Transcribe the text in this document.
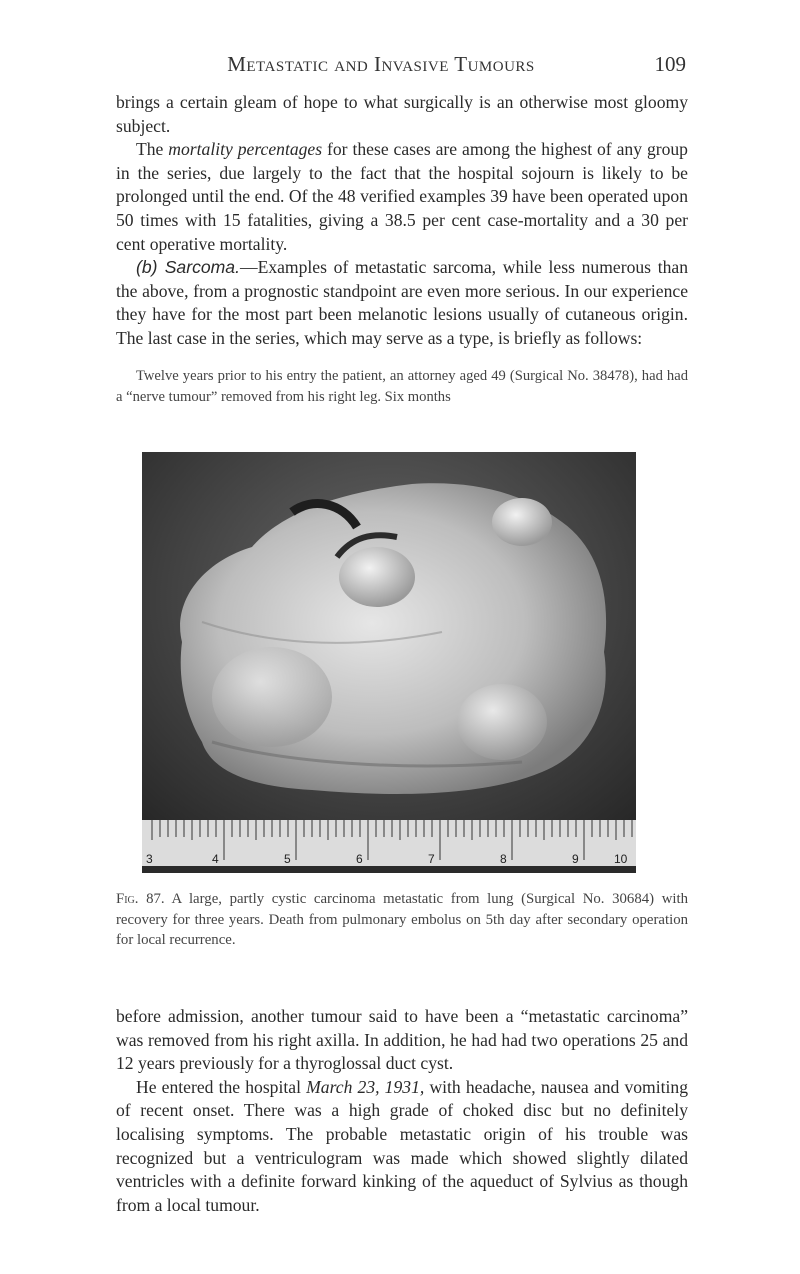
Metastatic and Invasive Tumours	109

brings a certain gleam of hope to what surgically is an otherwise most gloomy subject.

The mortality percentages for these cases are among the highest of any group in the series, due largely to the fact that the hospital sojourn is likely to be prolonged until the end. Of the 48 verified examples 39 have been operated upon 50 times with 15 fatalities, giving a 38.5 per cent case-mortality and a 30 per cent operative mortality.

(b) Sarcoma.—Examples of metastatic sarcoma, while less numerous than the above, from a prognostic standpoint are even more serious. In our experience they have for the most part been melanotic lesions usually of cutaneous origin. The last case in the series, which may serve as a type, is briefly as follows:

Twelve years prior to his entry the patient, an attorney aged 49 (Surgical No. 38478), had had a “nerve tumour” removed from his right leg. Six months

3	4	5	6	7	8	9	10
Fig. 87. A large, partly cystic carcinoma metastatic from lung (Surgical No. 30684) with recovery for three years. Death from pulmonary embolus on 5th day after secondary operation for local recurrence.

before admission, another tumour said to have been a “metastatic carcinoma” was removed from his right axilla. In addition, he had had two operations 25 and 12 years previously for a thyroglossal duct cyst.

He entered the hospital March 23, 1931, with headache, nausea and vomiting of recent onset. There was a high grade of choked disc but no definitely localising symptoms. The probable metastatic origin of his trouble was recognized but a ventriculogram was made which showed slightly dilated ventricles with a definite forward kinking of the aqueduct of Sylvius as though from a local tumour.
